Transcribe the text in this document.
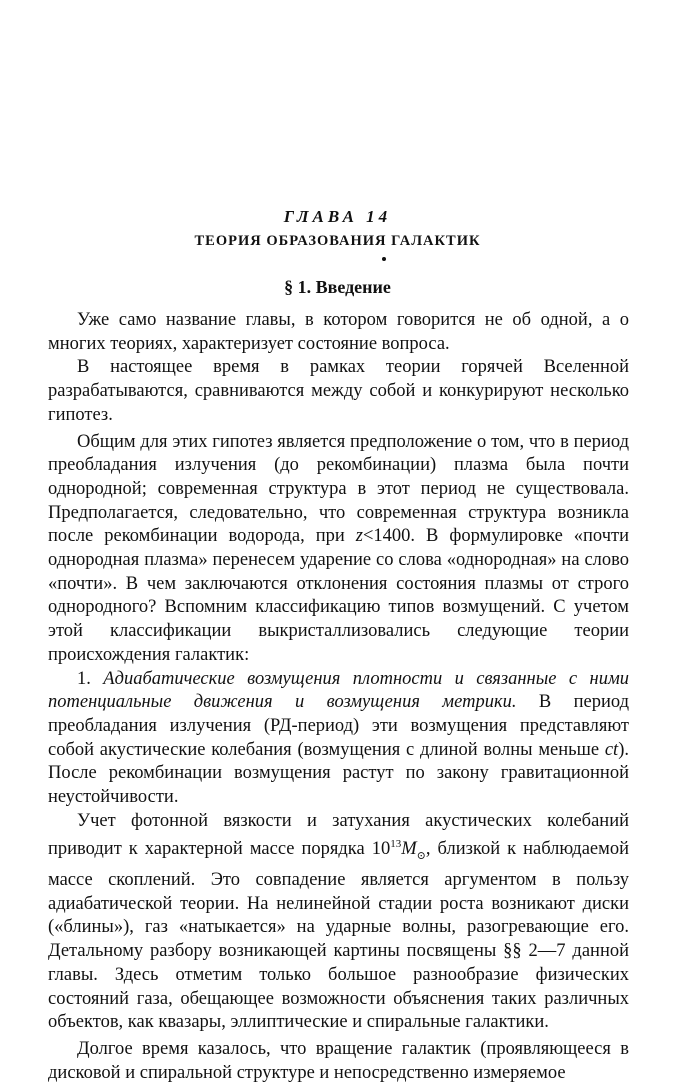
ГЛАВА 14
ТЕОРИЯ ОБРАЗОВАНИЯ ГАЛАКТИК
§ 1. Введение

Уже само название главы, в котором говорится не об одной, а о многих теориях, характеризует состояние вопроса.

В настоящее время в рамках теории горячей Вселенной разрабатываются, сравниваются между собой и конкурируют несколько гипотез.

Общим для этих гипотез является предположение о том, что в период преобладания излучения (до рекомбинации) плазма была почти однородной; современная структура в этот период не существовала. Предполагается, следовательно, что современная структура возникла после рекомбинации водорода, при z<1400. В формулировке «почти однородная плазма» перенесем ударение со слова «однородная» на слово «почти». В чем заключаются отклонения состояния плазмы от строго однородного? Вспомним классификацию типов возмущений. С учетом этой классификации выкристаллизовались следующие теории происхождения галактик:

1. Адиабатические возмущения плотности и связанные с ними потенциальные движения и возмущения метрики. В период преобладания излучения (РД-период) эти возмущения представляют собой акустические колебания (возмущения с длиной волны меньше ct). После рекомбинации возмущения растут по закону гравитационной неустойчивости.

Учет фотонной вязкости и затухания акустических колебаний приводит к характерной массе порядка $10^{13}M_⊙$, близкой к наблюдаемой массе скоплений. Это совпадение является аргументом в пользу адиабатической теории. На нелинейной стадии роста возникают диски («блины»), газ «натыкается» на ударные волны, разогревающие его. Детальному разбору возникающей картины посвящены §§ 2—7 данной главы. Здесь отметим только большое разнообразие физических состояний газа, обещающее возможности объяснения таких различных объектов, как квазары, эллиптические и спиральные галактики.

Долгое время казалось, что вращение галактик (проявляющееся в дисковой и спиральной структуре и непосредственно измеряемое
